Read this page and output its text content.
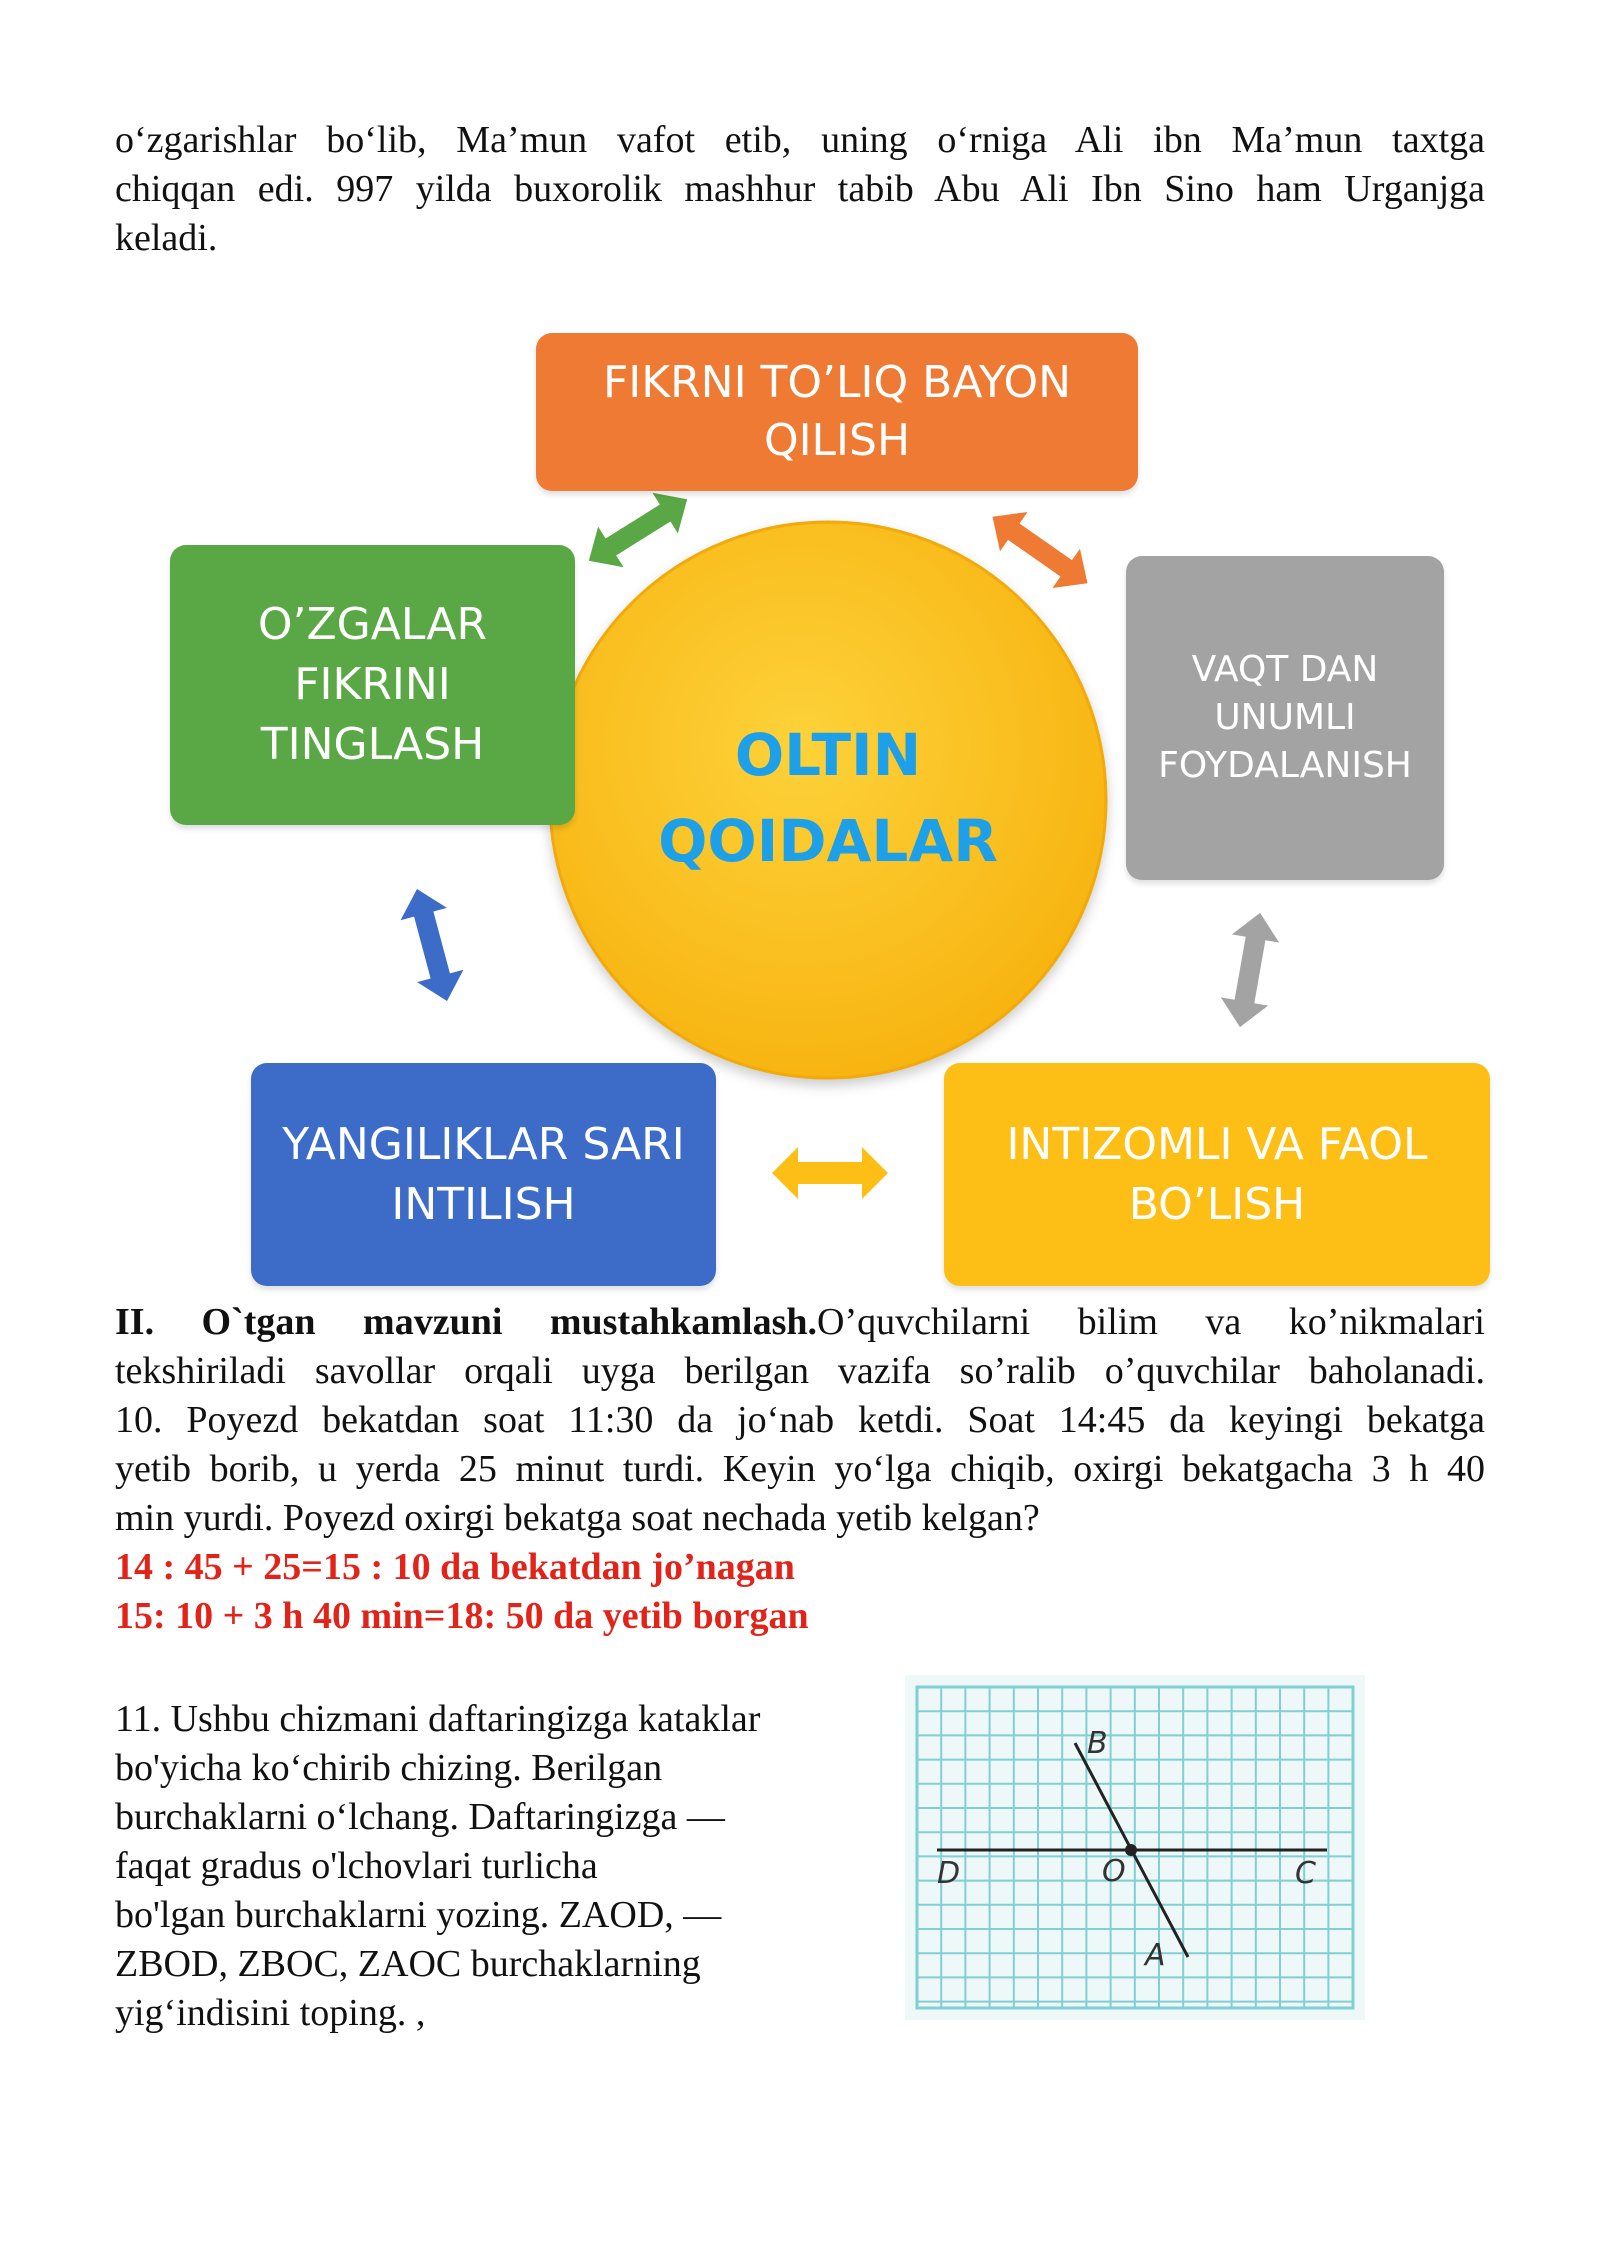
o‘zgarishlar bo‘lib, Ma’mun vafot etib, uning o‘rniga Ali ibn Ma’mun taxtga
chiqqan edi. 997 yilda buxorolik mashhur tabib Abu Ali Ibn Sino ham Urganjga
keladi.
FIKRNI TO’LIQ BAYON
QILISH
O’ZGALAR
FIKRINI
TINGLASH
VAQT DAN
UNUMLI
FOYDALANISH
YANGILIKLAR SARI
INTILISH
INTIZOMLI VA FAOL
BO’LISH
OLTIN
QOIDALAR
II. O`tgan mavzuni mustahkamlash.O’quvchilarni bilim va ko’nikmalari
tekshiriladi savollar orqali uyga berilgan vazifa so’ralib o’quvchilar baholanadi.
10. Poyezd bekatdan soat 11:30 da jo‘nab ketdi. Soat 14:45 da keyingi bekatga
yetib borib, u yerda 25 minut turdi. Keyin yo‘lga chiqib, oxirgi bekatgacha 3 h 40
min yurdi. Poyezd oxirgi bekatga soat nechada yetib kelgan?
14 : 45 + 25=15 : 10 da bekatdan jo’nagan
15: 10 + 3 h 40 min=18: 50 da yetib borgan
11. Ushbu chizmani daftaringizga kataklar
bo'yicha ko‘chirib chizing. Berilgan
burchaklarni o‘lchang. Daftaringizga —
faqat gradus o'lchovlari turlicha
bo'lgan burchaklarni yozing. ZAOD, —
ZBOD, ZBOC, ZAOC burchaklarning
yig‘indisini toping. ,
B
D	O	C
A
